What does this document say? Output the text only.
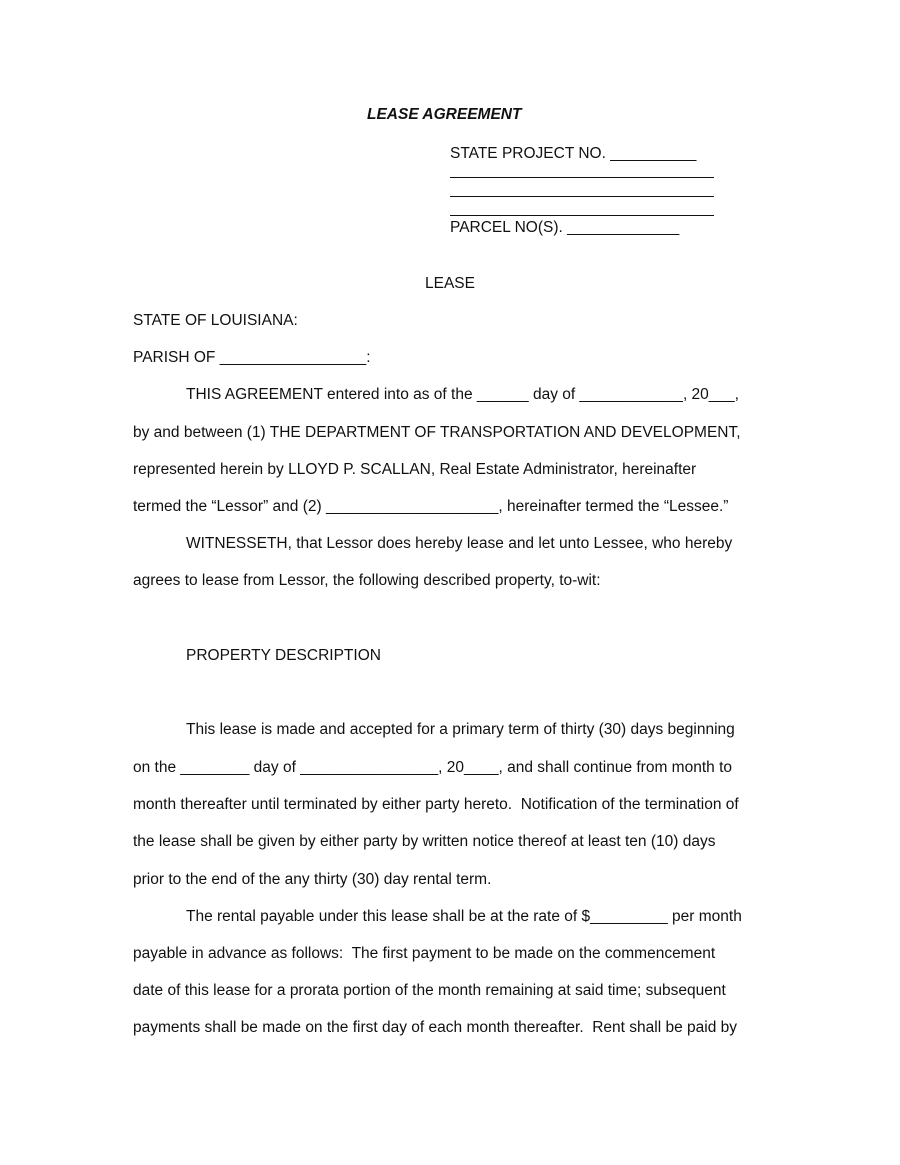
LEASE AGREEMENT
STATE PROJECT NO. __________
PARCEL NO(S). _____________
LEASE
STATE OF LOUISIANA:
PARISH OF _________________:
THIS AGREEMENT entered into as of the ______ day of ____________, 20___,
by and between (1) THE DEPARTMENT OF TRANSPORTATION AND DEVELOPMENT,
represented herein by LLOYD P. SCALLAN, Real Estate Administrator, hereinafter
termed the “Lessor” and (2) ____________________, hereinafter termed the “Lessee.”
WITNESSETH, that Lessor does hereby lease and let unto Lessee, who hereby
agrees to lease from Lessor, the following described property, to-wit:
PROPERTY DESCRIPTION
This lease is made and accepted for a primary term of thirty (30) days beginning
on the ________ day of ________________, 20____, and shall continue from month to
month thereafter until terminated by either party hereto.  Notification of the termination of
the lease shall be given by either party by written notice thereof at least ten (10) days
prior to the end of the any thirty (30) day rental term.
The rental payable under this lease shall be at the rate of $_________ per month
payable in advance as follows:  The first payment to be made on the commencement
date of this lease for a prorata portion of the month remaining at said time; subsequent
payments shall be made on the first day of each month thereafter.  Rent shall be paid by
